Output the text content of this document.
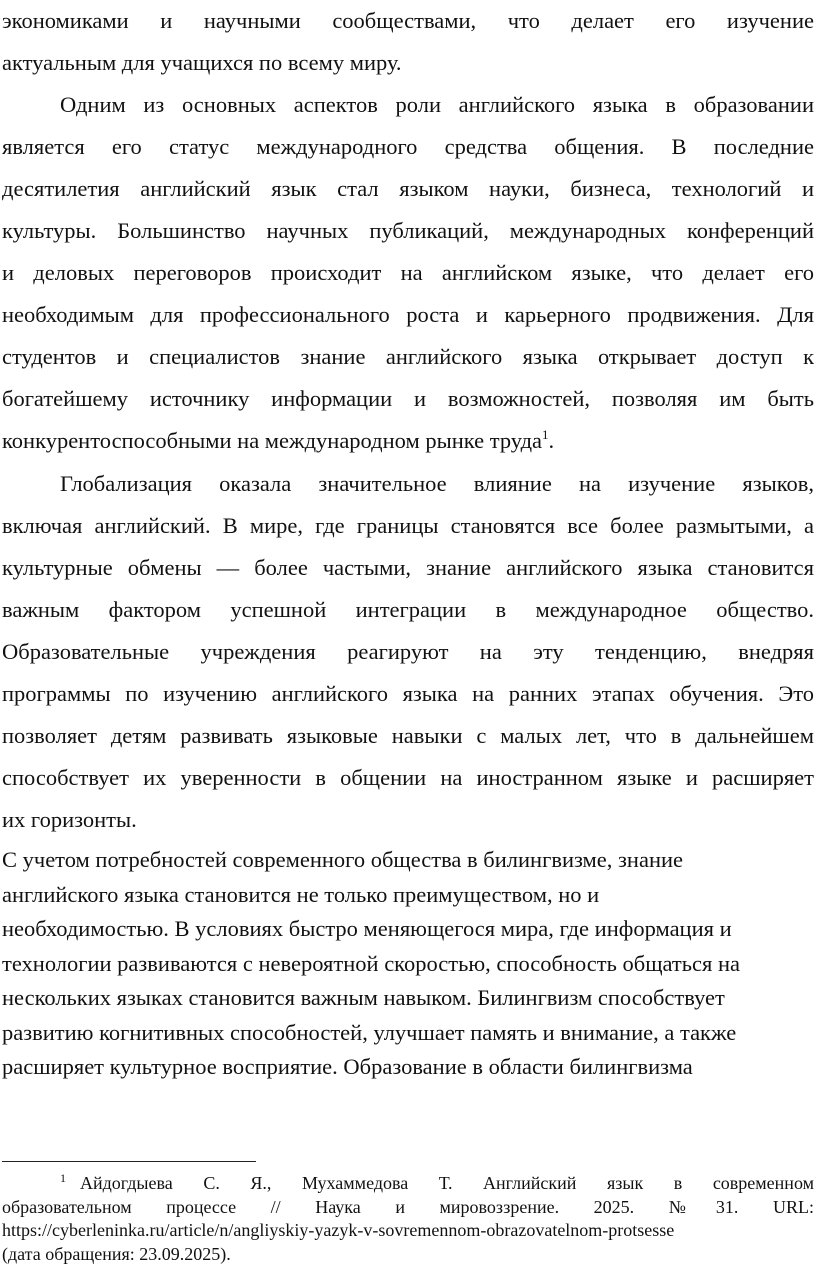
экономиками и научными сообществами, что делает его изучение
актуальным для учащихся по всему миру.
Одним из основных аспектов роли английского языка в образовании
является его статус международного средства общения. В последние
десятилетия английский язык стал языком науки, бизнеса, технологий и
культуры. Большинство научных публикаций, международных конференций
и деловых переговоров происходит на английском языке, что делает его
необходимым для профессионального роста и карьерного продвижения. Для
студентов и специалистов знание английского языка открывает доступ к
богатейшему источнику информации и возможностей, позволяя им быть
конкурентоспособными на международном рынке труда$^1$.
Глобализация оказала значительное влияние на изучение языков,
включая английский. В мире, где границы становятся все более размытыми, а
культурные обмены — более частыми, знание английского языка становится
важным фактором успешной интеграции в международное общество.
Образовательные учреждения реагируют на эту тенденцию, внедряя
программы по изучению английского языка на ранних этапах обучения. Это
позволяет детям развивать языковые навыки с малых лет, что в дальнейшем
способствует их уверенности в общении на иностранном языке и расширяет
их горизонты.
С учетом потребностей современного общества в билингвизме, знание
английского языка становится не только преимуществом, но и
необходимостью. В условиях быстро меняющегося мира, где информация и
технологии развиваются с невероятной скоростью, способность общаться на
нескольких языках становится важным навыком. Билингвизм способствует
развитию когнитивных способностей, улучшает память и внимание, а также
расширяет культурное восприятие. Образование в области билингвизма
$^1$ Айдогдыева С. Я., Мухаммедова Т. Английский язык в современном
образовательном процессе // Наука и мировоззрение. 2025. №31. URL:
https://cyberleninka.ru/article/n/angliyskiy-yazyk-v-sovremennom-obrazovatelnom-protsesse
(дата обращения: 23.09.2025).
